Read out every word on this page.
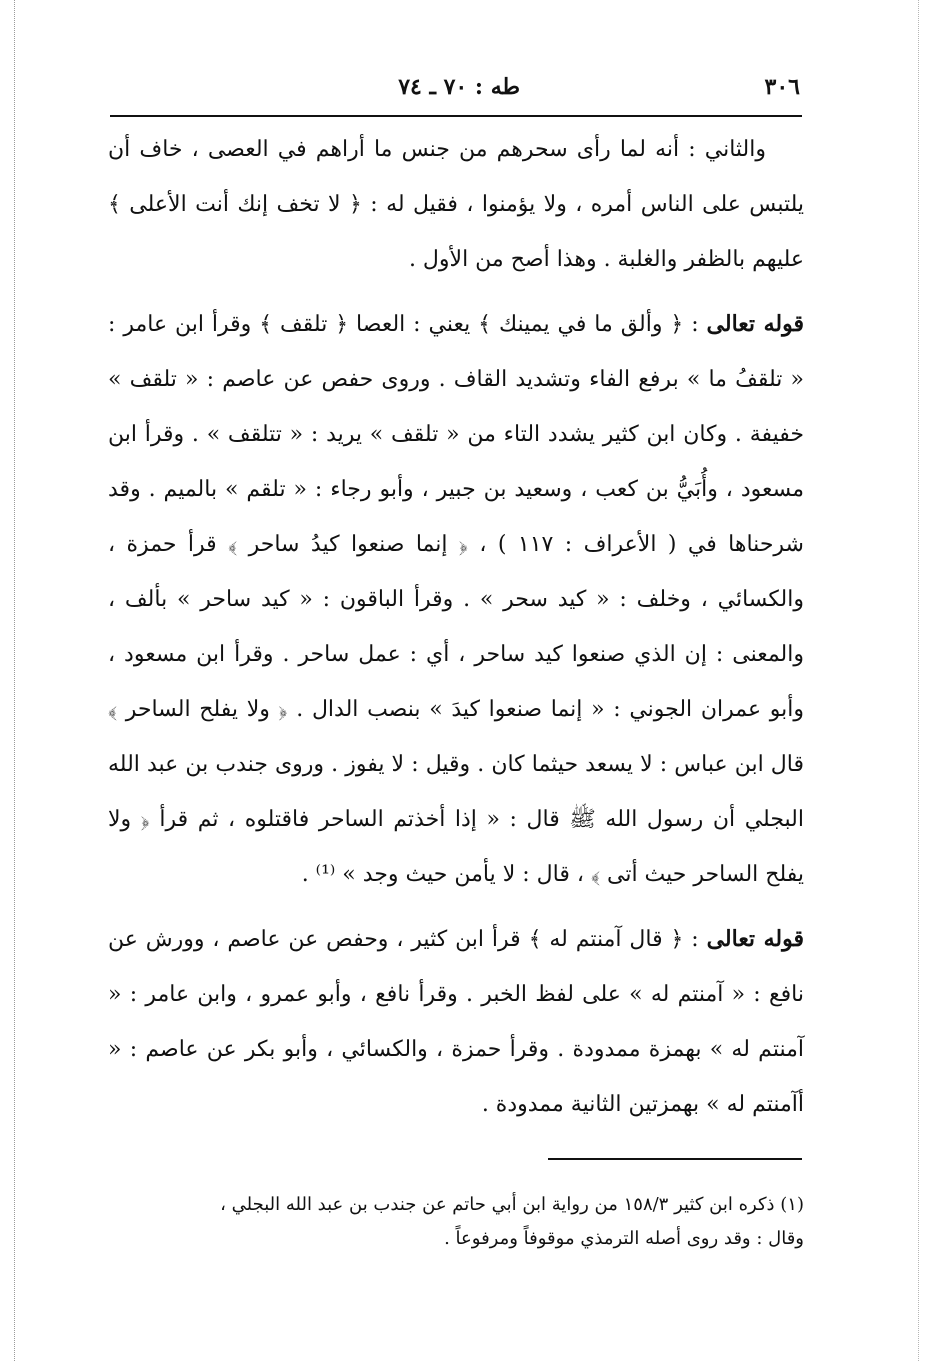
٣٠٦
طه : ٧٠ ـ ٧٤

والثاني : أنه لما رأى سحرهم من جنس ما أراهم في العصى ، خاف أن يلتبس على الناس أمره ، ولا يؤمنوا ، فقيل له : ﴿ لا تخف إنك أنت الأعلى ﴾ عليهم بالظفر والغلبة . وهذا أصح من الأول .

قوله تعالى : ﴿ وألق ما في يمينك ﴾ يعني : العصا ﴿ تلقف ﴾ وقرأ ابن عامر : « تلقفُ ما » برفع الفاء وتشديد القاف . وروى حفص عن عاصم : « تلقف » خفيفة . وكان ابن كثير يشدد التاء من « تلقف » يريد : « تتلقف » . وقرأ ابن مسعود ، وأُبَيُّ بن كعب ، وسعيد بن جبير ، وأبو رجاء : « تلقم » بالميم . وقد شرحناها في ( الأعراف : ١١٧ ) ، ﴿ إنما صنعوا كيدُ ساحر ﴾ قرأ حمزة ، والكسائي ، وخلف : « كيد سحر » . وقرأ الباقون : « كيد ساحر » بألف ، والمعنى : إن الذي صنعوا كيد ساحر ، أي : عمل ساحر . وقرأ ابن مسعود ، وأبو عمران الجوني : « إنما صنعوا كيدَ » بنصب الدال . ﴿ ولا يفلح الساحر ﴾ قال ابن عباس : لا يسعد حيثما كان . وقيل : لا يفوز . وروى جندب بن عبد الله البجلي أن رسول الله ﷺ قال : « إذا أخذتم الساحر فاقتلوه ، ثم قرأ ﴿ ولا يفلح الساحر حيث أتى ﴾ ، قال : لا يأمن حيث وجد » ⁽¹⁾ .

قوله تعالى : ﴿ قال آمنتم له ﴾ قرأ ابن كثير ، وحفص عن عاصم ، وورش عن نافع : « آمنتم له » على لفظ الخبر . وقرأ نافع ، وأبو عمرو ، وابن عامر : « آمنتم له » بهمزة ممدودة . وقرأ حمزة ، والكسائي ، وأبو بكر عن عاصم : « أآمنتم له » بهمزتين الثانية ممدودة .

(١) ذكره ابن كثير ١٥٨/٣ من رواية ابن أبي حاتم عن جندب بن عبد الله البجلي ،

وقال : وقد روى أصله الترمذي موقوفاً ومرفوعاً .
